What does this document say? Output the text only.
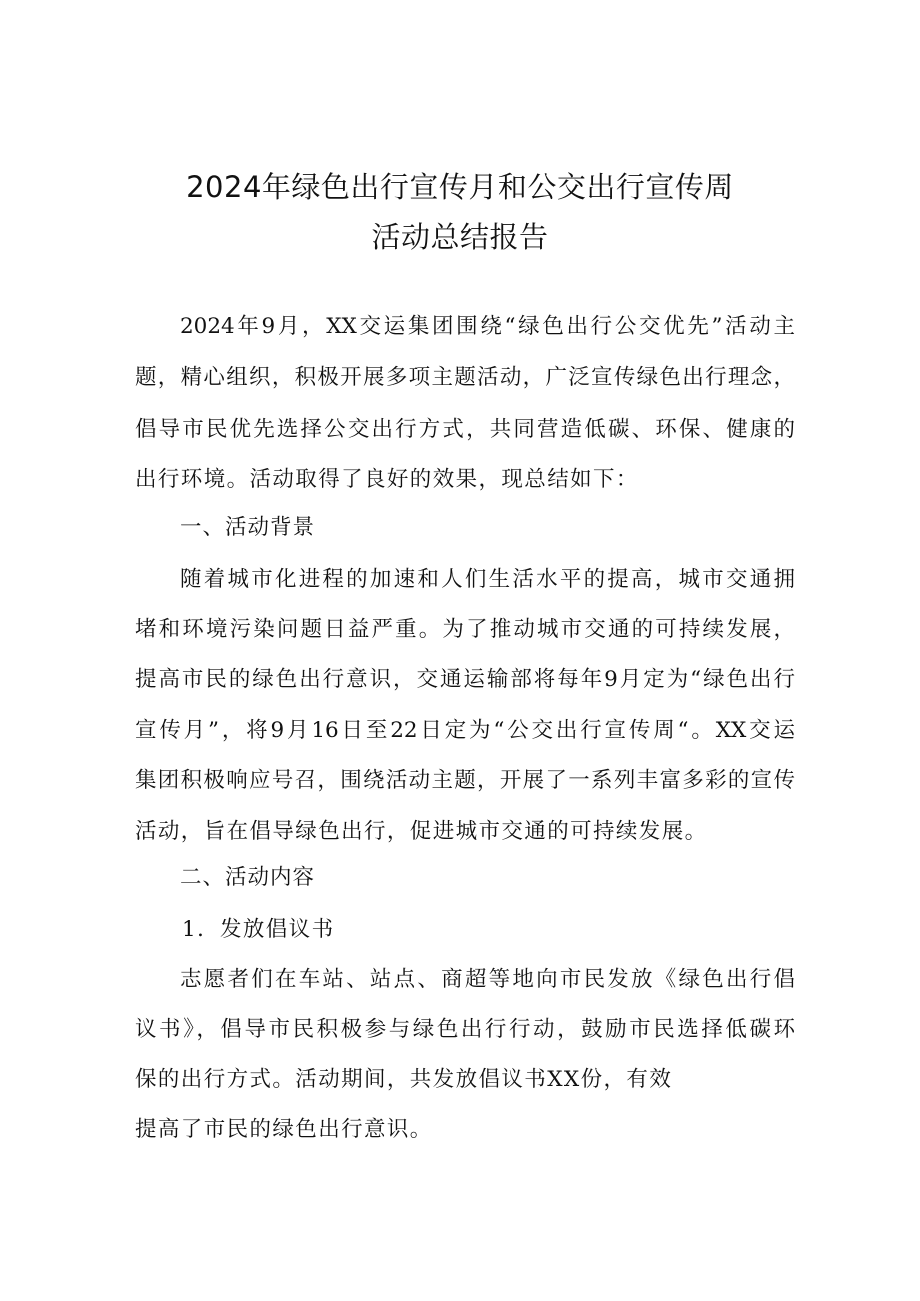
2024年绿色出行宣传月和公交出行宣传周
活动总结报告
2024年9月，XX交运集团围绕“绿色出行公交优先”活动主
题，精心组织，积极开展多项主题活动，广泛宣传绿色出行理念，
倡导市民优先选择公交出行方式，共同营造低碳、环保、健康的
出行环境。活动取得了良好的效果，现总结如下：
一、活动背景
随着城市化进程的加速和人们生活水平的提高，城市交通拥
堵和环境污染问题日益严重。为了推动城市交通的可持续发展，
提高市民的绿色出行意识，交通运输部将每年9月定为“绿色出行
宣传月”，将9月16日至22日定为“公交出行宣传周“。XX交运
集团积极响应号召，围绕活动主题，开展了一系列丰富多彩的宣传
活动，旨在倡导绿色出行，促进城市交通的可持续发展。
二、活动内容
1．发放倡议书
志愿者们在车站、站点、商超等地向市民发放《绿色出行倡
议书》，倡导市民积极参与绿色出行行动，鼓励市民选择低碳环
保的出行方式。活动期间，共发放倡议书XX份，有效
提高了市民的绿色出行意识。
